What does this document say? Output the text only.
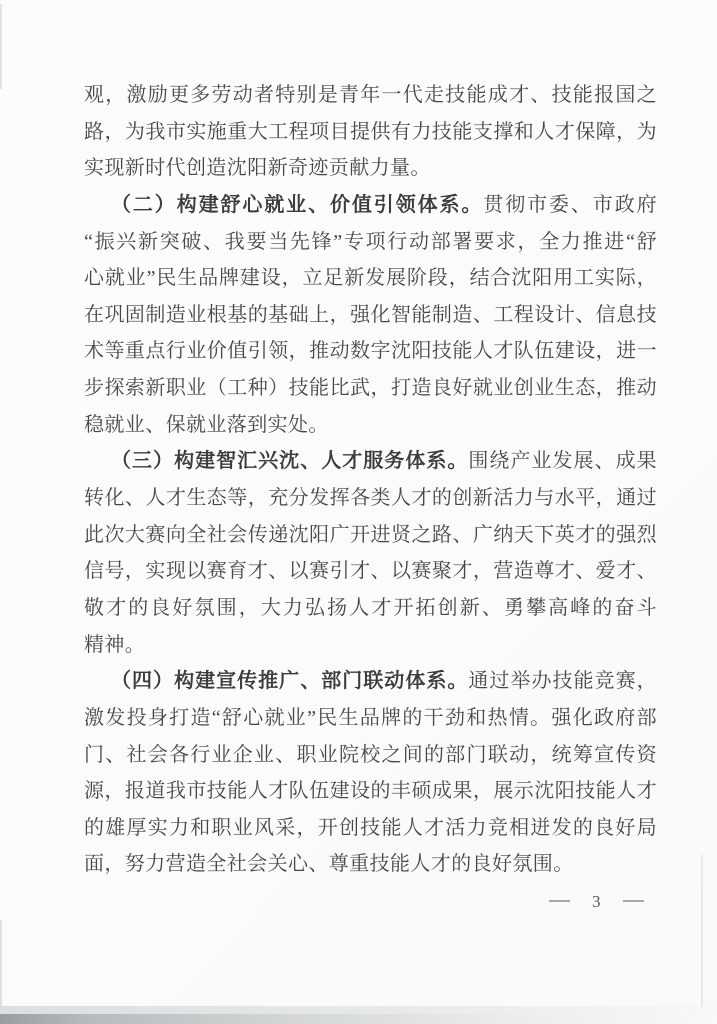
观，激励更多劳动者特别是青年一代走技能成才、技能报国之
路，为我市实施重大工程项目提供有力技能支撑和人才保障，为
实现新时代创造沈阳新奇迹贡献力量。
（二）构建舒心就业、价值引领体系。贯彻市委、市政府
“振兴新突破、我要当先锋”专项行动部署要求，全力推进“舒
心就业”民生品牌建设，立足新发展阶段，结合沈阳用工实际，
在巩固制造业根基的基础上，强化智能制造、工程设计、信息技
术等重点行业价值引领，推动数字沈阳技能人才队伍建设，进一
步探索新职业（工种）技能比武，打造良好就业创业生态，推动
稳就业、保就业落到实处。
（三）构建智汇兴沈、人才服务体系。围绕产业发展、成果
转化、人才生态等，充分发挥各类人才的创新活力与水平，通过
此次大赛向全社会传递沈阳广开进贤之路、广纳天下英才的强烈
信号，实现以赛育才、以赛引才、以赛聚才，营造尊才、爱才、
敬才的良好氛围，大力弘扬人才开拓创新、勇攀高峰的奋斗
精神。
（四）构建宣传推广、部门联动体系。通过举办技能竞赛，
激发投身打造“舒心就业”民生品牌的干劲和热情。强化政府部
门、社会各行业企业、职业院校之间的部门联动，统筹宣传资
源，报道我市技能人才队伍建设的丰硕成果，展示沈阳技能人才
的雄厚实力和职业风采，开创技能人才活力竞相迸发的良好局
面，努力营造全社会关心、尊重技能人才的良好氛围。
3
